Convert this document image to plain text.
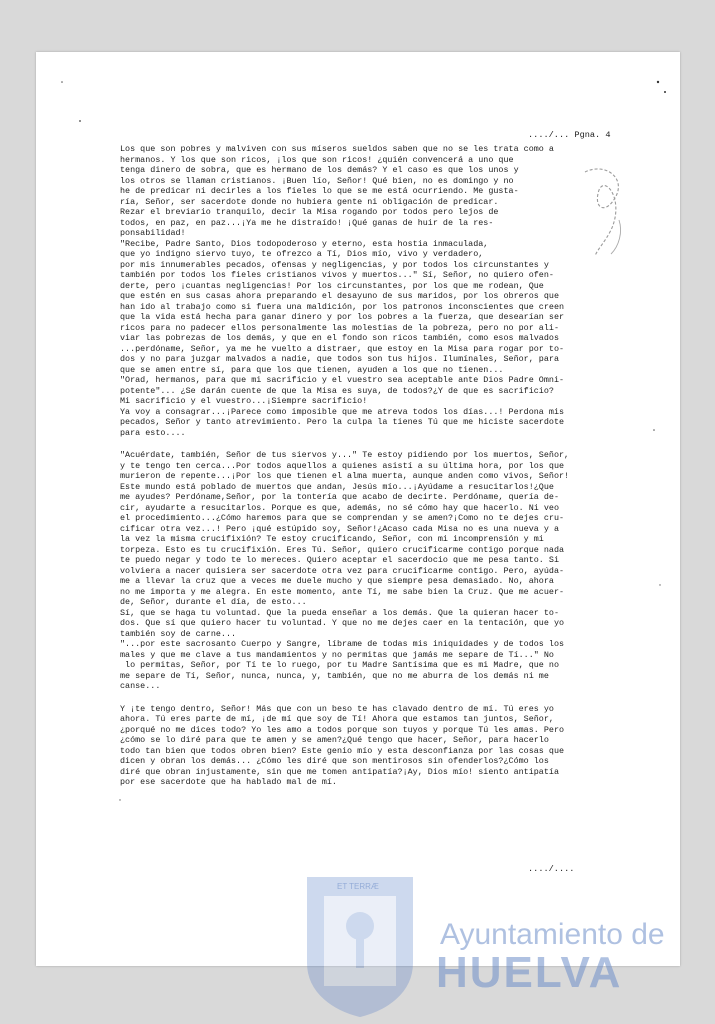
..../... Pgna. 4
Los que son pobres y malviven con sus míseros sueldos saben que no se les trata como a
hermanos. Y los que son ricos, ¡los que son ricos! ¿quién convencerá a uno que
tenga dinero de sobra, que es hermano de los demás? Y el caso es que los unos y
los otros se llaman cristianos. ¡Buen lío, Señor! Qué bien, no es domingo y no
he de predicar ni decirles a los fieles lo que se me está ocurriendo. Me gusta-
ría, Señor, ser sacerdote donde no hubiera gente ni obligación de predicar.
Rezar el breviario tranquilo, decir la Misa rogando por todos pero lejos de
todos, en paz, en paz...¡Ya me he distraído! ¡Qué ganas de huir de la res-
ponsabilidad!
"Recibe, Padre Santo, Dios todopoderoso y eterno, esta hostia inmaculada,
que yo indigno siervo tuyo, te ofrezco a Tí, Dios mío, vivo y verdadero,
por mis innumerables pecados, ofensas y negligencias, y por todos los circunstantes y
también por todos los fieles cristianos vivos y muertos..." Sí, Señor, no quiero ofen-
derte, pero ¡cuantas negligencias! Por los circunstantes, por los que me rodean, Que
que estén en sus casas ahora preparando el desayuno de sus maridos, por los obreros que
han ido al trabajo como si fuera una maldición, por los patronos inconscientes que creen
que la vida está hecha para ganar dinero y por los pobres a la fuerza, que desearían ser
ricos para no padecer ellos personalmente las molestias de la pobreza, pero no por ali-
viar las pobrezas de los demás, y que en el fondo son ricos también, como esos malvados
...perdóname, Señor, ya me he vuelto a distraer, que estoy en la Misa para rogar por to-
dos y no para juzgar malvados a nadie, que todos son tus hijos. Ilumínales, Señor, para
que se amen entre sí, para que los que tienen, ayuden a los que no tienen...
"Orad, hermanos, para que mi sacrificio y el vuestro sea aceptable ante Dios Padre Omni-
potente"... ¿Se darán cuente de que la Misa es suya, de todos?¿Y de que es sacrificio?
Mi sacrificio y el vuestro...¡Siempre sacrificio!
Ya voy a consagrar...¡Parece como imposible que me atreva todos los días...! Perdona mis
pecados, Señor y tanto atrevimiento. Pero la culpa la tienes Tú que me hiciste sacerdote
para esto....
"Acuérdate, también, Señor de tus siervos y..." Te estoy pidiendo por los muertos, Señor,
y te tengo ten cerca...Por todos aquellos a quienes asistí a su última hora, por los que
murieron de repente...¡Por los que tienen el alma muerta, aunque anden como vivos, Señor!
Este mundo está poblado de muertos que andan, Jesús mío...¡Ayúdame a resucitarlos!¿Que
me ayudes? Perdóname,Señor, por la tontería que acabo de decirte. Perdóname, quería de-
cir, ayudarte a resucitarlos. Porque es que, además, no sé cómo hay que hacerlo. Ni veo
el procedimiento...¿Cómo haremos para que se comprendan y se amen?¡Como no te dejes cru-
cificar otra vez...! Pero ¡qué estúpido soy, Señor!¿Acaso cada Misa no es una nueva y a
la vez la misma crucifixión? Te estoy crucificando, Señor, con mi incomprensión y mi
torpeza. Esto es tu crucifixión. Eres Tú. Señor, quiero crucificarme contigo porque nada
te puedo negar y todo te lo mereces. Quiero aceptar el sacerdocio que me pesa tanto. Si
volviera a nacer quisiera ser sacerdote otra vez para crucificarme contigo. Pero, ayúda-
me a llevar la cruz que a veces me duele mucho y que siempre pesa demasiado. No, ahora
no me importa y me alegra. En este momento, ante Tí, me sabe bien la Cruz. Que me acuer-
de, Señor, durante el día, de esto...
Sí, que se haga tu voluntad. Que la pueda enseñar a los demás. Que la quieran hacer to-
dos. Que sí que quiero hacer tu voluntad. Y que no me dejes caer en la tentación, que yo
también soy de carne...
"...por este sacrosanto Cuerpo y Sangre, líbrame de todas mis iniquidades y de todos los
males y que me clave a tus mandamientos y no permitas que jamás me separe de Tí..." No
lo permitas, Señor, por Tí te lo ruego, por tu Madre Santísima que es mi Madre, que no
me separe de Tí, Señor, nunca, nunca, y, también, que no me aburra de los demás ni me
canse...
Y ¡te tengo dentro, Señor! Más que con un beso te has clavado dentro de mí. Tú eres yo
ahora. Tú eres parte de mí, ¡de mí que soy de Tí! Ahora que estamos tan juntos, Señor,
¿porqué no me dices todo? Yo les amo a todos porque son tuyos y porque Tú les amas. Pero
¿cómo se lo diré para que te amen y se amen?¿Qué tengo que hacer, Señor, para hacerlo
todo tan bien que todos obren bien? Este genio mío y esta desconfianza por las cosas que
dicen y obran los demás... ¿Cómo les diré que son mentirosos sin ofenderlos?¿Cómo los
diré que obran injustamente, sin que me tomen antipatía?¡Ay, Dios mío! siento antipatía
por ese sacerdote que ha hablado mal de mí.
..../....
ET TERRÆ
Ayuntamiento de
HUELVA
